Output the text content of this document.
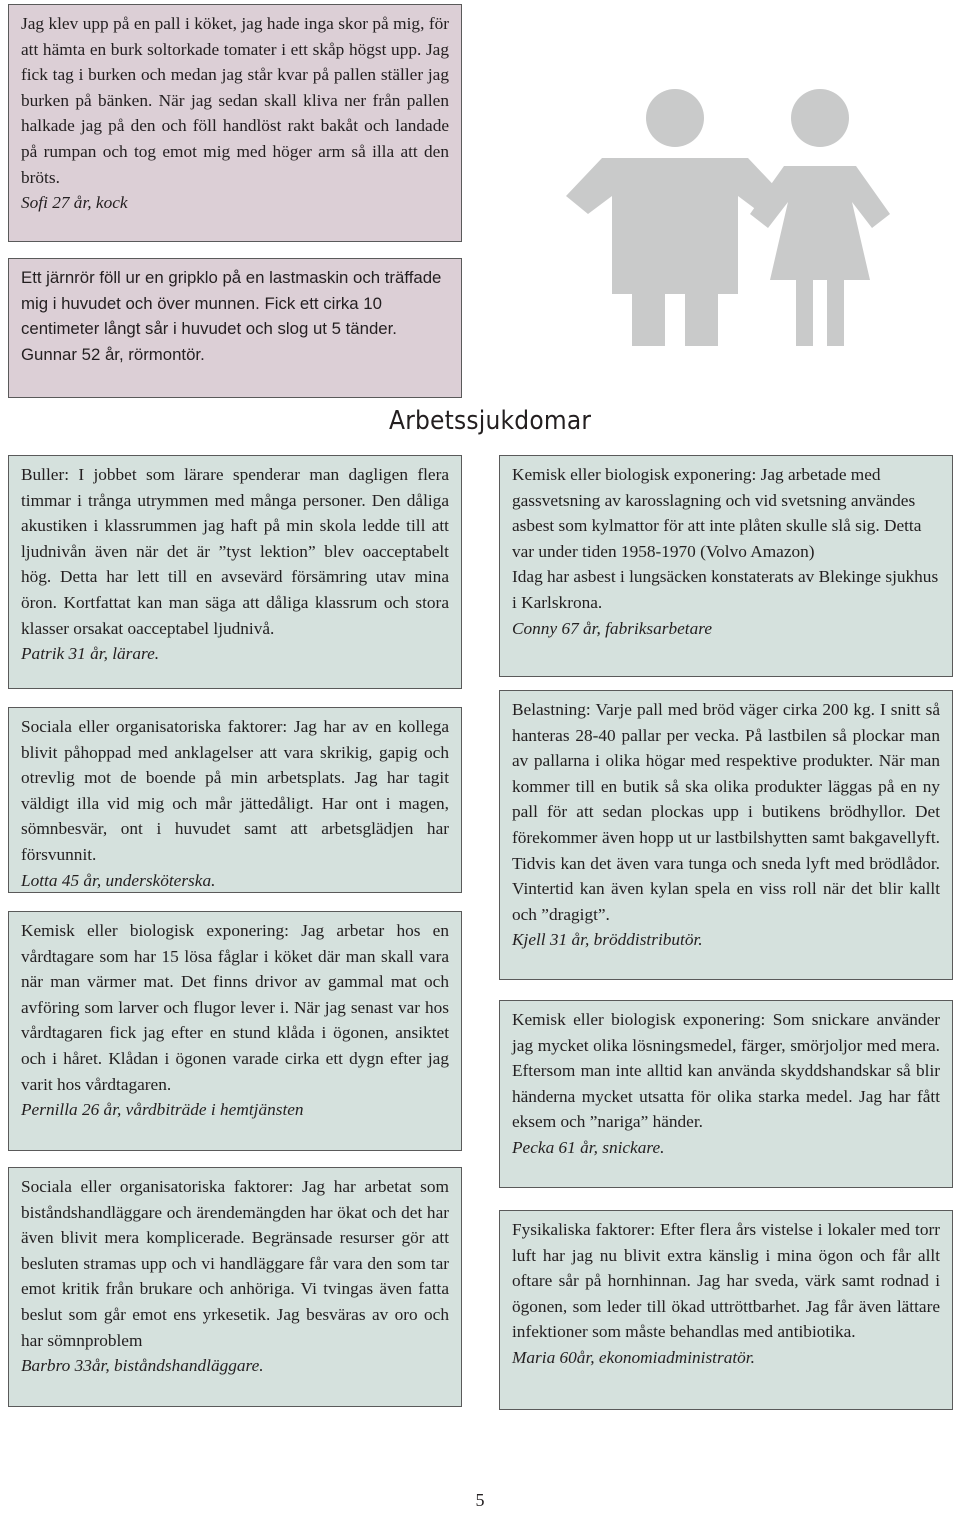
Jag klev upp på en pall i köket, jag hade inga skor på mig, för att hämta en burk soltorkade tomater i ett skåp högst upp. Jag fick tag i burken och medan jag står kvar på pallen ställer jag burken på bänken. När jag sedan skall kliva ner från pallen halkade jag på den och föll handlöst rakt bakåt och landade på rumpan och tog emot mig med höger arm så illa att den bröts.

Sofi 27 år, kock

Ett järnrör föll ur en gripklo på en lastmaskin och träffade mig i huvudet och över munnen. Fick ett cirka 10 centimeter långt sår i huvudet och slog ut 5 tänder.
Gunnar 52 år, rörmontör.

Arbetssjukdomar

Buller: I jobbet som lärare spenderar man dagligen flera timmar i trånga utrymmen med många personer. Den dåliga akustiken i klassrummen jag haft på min skola ledde till att ljudnivån även när det är ”tyst lektion” blev oacceptabelt hög. Detta har lett till en avsevärd försämring utav mina öron. Kortfattat kan man säga att dåliga klassrum och stora klasser orsakat oacceptabel ljudnivå.

Patrik 31 år, lärare.

Sociala eller organisatoriska faktorer: Jag har av en kollega blivit påhoppad med anklagelser att vara skrikig, gapig och otrevlig mot de boende på min arbetsplats. Jag har tagit väldigt illa vid mig och mår jättedåligt. Har ont i magen, sömnbesvär, ont i huvudet samt att arbetsglädjen har försvunnit.

Lotta 45 år, undersköterska.

Kemisk eller biologisk exponering: Jag arbetar hos en vårdtagare som har 15 lösa fåglar i köket där man skall vara när man värmer mat. Det finns drivor av gammal mat och avföring som larver och flugor lever i. När jag senast var hos vårdtagaren fick jag efter en stund klåda i ögonen, ansiktet och i håret. Klådan i ögonen varade cirka ett dygn efter jag varit hos vårdtagaren.

Pernilla 26 år, vårdbiträde i hemtjänsten

Sociala eller organisatoriska faktorer: Jag har arbetat som biståndshandläggare och ärendemängden har ökat och det har även blivit mera komplicerade. Begränsade resurser gör att besluten stramas upp och vi handläggare får vara den som tar emot kritik från brukare och anhöriga. Vi tvingas även fatta beslut som går emot ens yrkesetik. Jag besväras av oro och har sömnproblem

Barbro 33år, biståndshandläggare.

Kemisk eller biologisk exponering: Jag arbetade med gassvetsning av karosslagning och vid svetsning användes asbest som kylmattor för att inte plåten skulle slå sig. Detta var under tiden 1958-1970 (Volvo Amazon)
Idag har asbest i lungsäcken konstaterats av Blekinge sjukhus i Karlskrona.

Conny 67 år, fabriksarbetare

Belastning: Varje pall med bröd väger cirka 200 kg. I snitt så hanteras 28-40 pallar per vecka. På lastbilen så plockar man av pallarna i olika högar med respektive produkter. När man kommer till en butik så ska olika produkter läggas på en ny pall för att sedan plockas upp i butikens brödhyllor. Det förekommer även hopp ut ur lastbilshytten samt bakgavellyft. Tidvis kan det även vara tunga och sneda lyft med brödlådor. Vintertid kan även kylan spela en viss roll när det blir kallt och ”dragigt”.

Kjell 31 år, bröddistributör.

Kemisk eller biologisk exponering: Som snickare använder jag mycket olika lösningsmedel, färger, smörjoljor med mera. Eftersom man inte alltid kan använda skyddshandskar så blir händerna mycket utsatta för olika starka medel. Jag har fått eksem och ”nariga” händer.

Pecka 61 år, snickare.

Fysikaliska faktorer: Efter flera års vistelse i lokaler med torr luft har jag nu blivit extra känslig i mina ögon och får allt oftare sår på hornhinnan. Jag har sveda, värk samt rodnad i ögonen, som leder till ökad uttröttbarhet. Jag får även lättare infektioner som måste behandlas med antibiotika.

Maria 60år, ekonomiadministratör.

5
